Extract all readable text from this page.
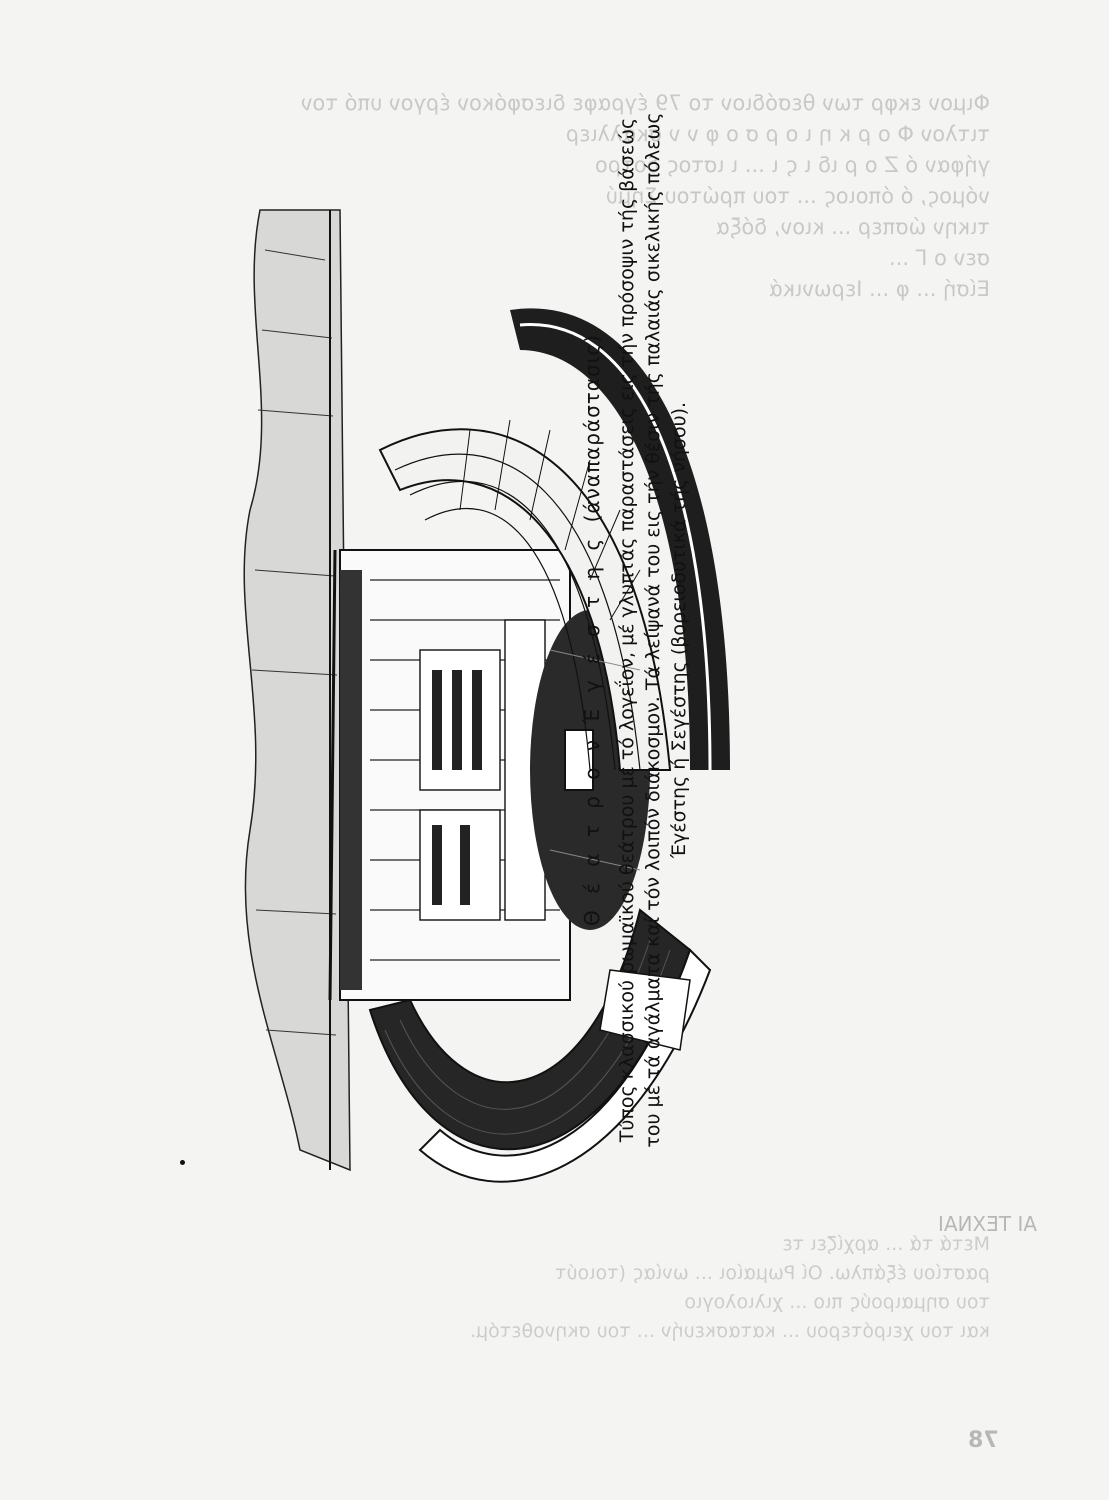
Φιμον εκφρ των θεσόδιον το 79 έγραφε διεσφόκον έργον υπό τον
τιτλον Φ ο ρ κ η ι ο ρ σ ο φ ν ν σκαλλιερ
γήφαν ό Ζ ο ρ ιδ ι ς ι ... ι ιστος δοτρο
νόμος, ό όποιος ... του πρώτου Σημύ
τικην ώσπερ ... κιον, δόξα
σεν ο Γ ...
Είσή ... φ ... Ιερωνικά
ΑΙ ΤΕΧΝΑΙ
Μετά τά ... αρχίζει τε
ραστίου έξάπλω. Οί Ρωμαίοι ... ωνίας (τοιούτ
του σημαιρούς πιο ... χιλιολογιο
και του χειρότερου ... κατασκευήν ... του σκηνοθετόμ.
78
Θ έ α τ ρ ο ν Έ γ έ σ τ η ς (άναπαράστασις) Τύπος κλασσικού ρωμαϊκού θεάτρου μέ τό λογεΐον, μέ γλυπτάς παραστάσεις εις τήν πρόσοψιν τής βάσεώς του μέ τά άγάλματα καί τόν λοιπόν διάκοσμον. Τά λείψανά του εις τήν θέσιν τής παλαιάς σικελικής πόλεως Έγέστης ή Σεγέστης (βορειοδυτικά τής νήσου).
